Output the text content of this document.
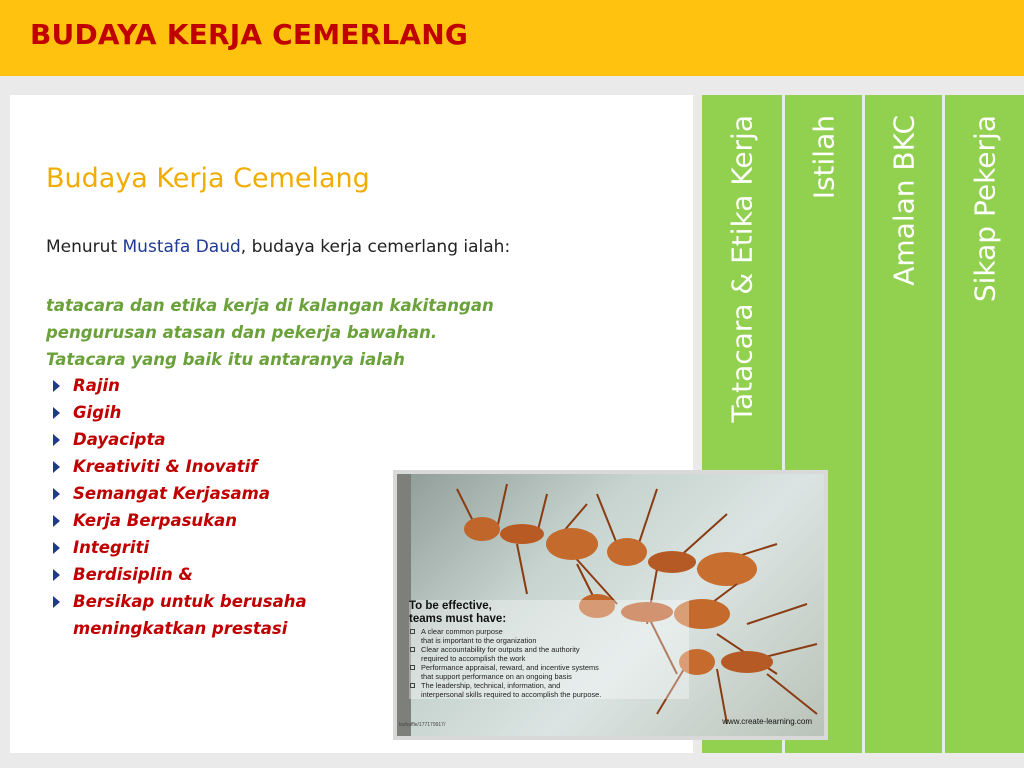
BUDAYA KERJA CEMERLANG
Budaya Kerja Cemelang
Menurut Mustafa Daud, budaya kerja cemerlang ialah:
tatacara dan etika kerja di kalangan kakitangan
pengurusan atasan dan pekerja bawahan.
Tatacara yang baik itu antaranya ialah
Rajin
Gigih
Dayacipta
Kreativiti & Inovatif
Semangat Kerjasama
Kerja Berpasukan
Integriti
Berdisiplin &
Bersikap untuk berusaha meningkatkan prestasi
Tatacara & Etika Kerja Istilah Amalan BKC Sikap Pekerja
To be effective,
teams must have:
A clear common purpose
that is important to the organization
Clear accountability for outputs and the authority
required to accomplish the work
Performance appraisal, reward, and incentive systems
that support performance on an ongoing basis
The leadership, technical, information, and
interpersonal skills required to accomplish the purpose.
www.create-learning.com
ks/baffle/177179917/
